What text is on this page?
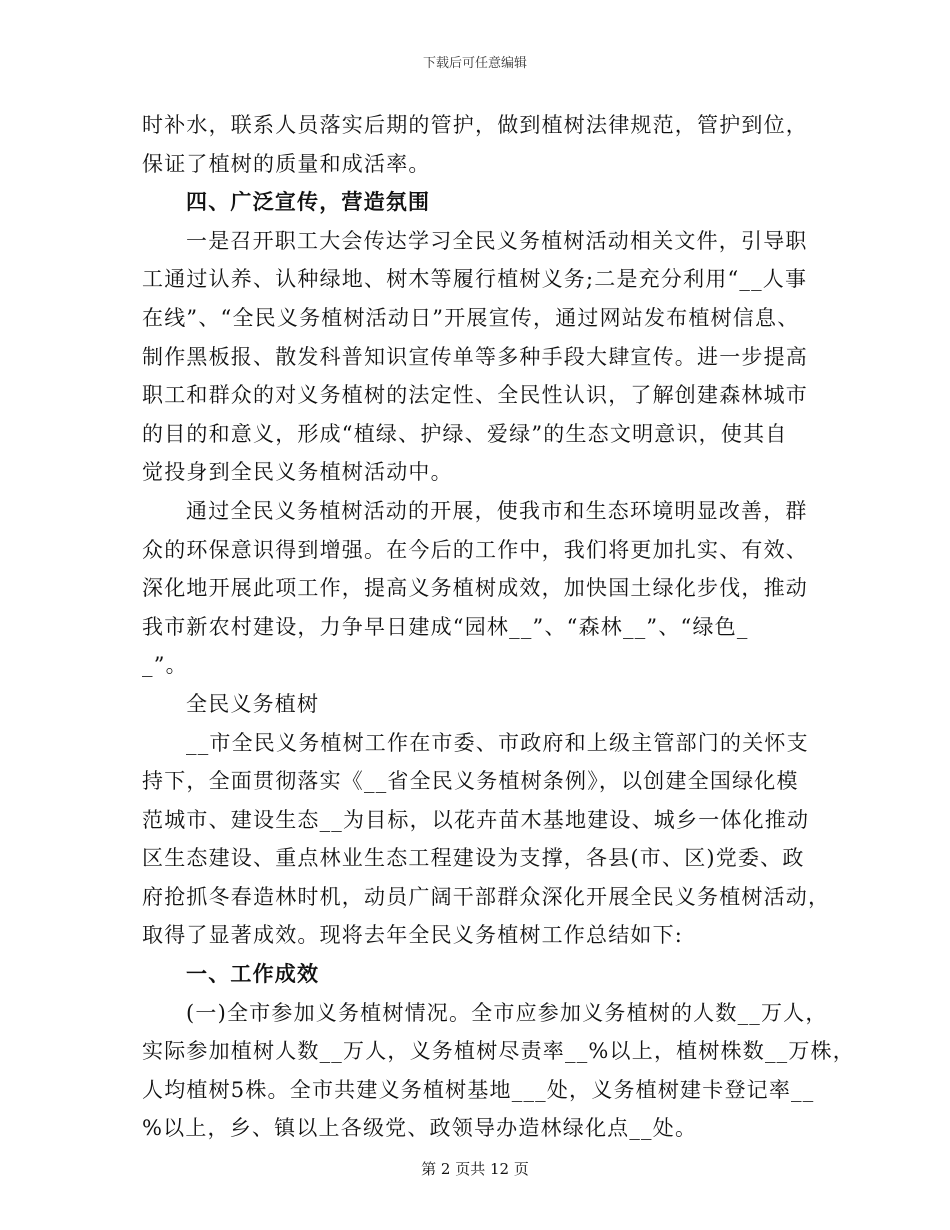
下载后可任意编辑
时补水，联系人员落实后期的管护，做到植树法律规范，管护到位，
保证了植树的质量和成活率。
四、广泛宣传，营造氛围
一是召开职工大会传达学习全民义务植树活动相关文件，引导职
工通过认养、认种绿地、树木等履行植树义务;二是充分利用“__人事
在线”、“全民义务植树活动日”开展宣传，通过网站发布植树信息、
制作黑板报、散发科普知识宣传单等多种手段大肆宣传。进一步提高
职工和群众的对义务植树的法定性、全民性认识，了解创建森林城市
的目的和意义，形成“植绿、护绿、爱绿”的生态文明意识，使其自
觉投身到全民义务植树活动中。
通过全民义务植树活动的开展，使我市和生态环境明显改善，群
众的环保意识得到增强。在今后的工作中，我们将更加扎实、有效、
深化地开展此项工作，提高义务植树成效，加快国土绿化步伐，推动
我市新农村建设，力争早日建成“园林__”、“森林__”、“绿色_
_”。
全民义务植树
__市全民义务植树工作在市委、市政府和上级主管部门的关怀支
持下，全面贯彻落实《__省全民义务植树条例》，以创建全国绿化模
范城市、建设生态__为目标，以花卉苗木基地建设、城乡一体化推动
区生态建设、重点林业生态工程建设为支撑，各县(市、区)党委、政
府抢抓冬春造林时机，动员广阔干部群众深化开展全民义务植树活动，
取得了显著成效。现将去年全民义务植树工作总结如下:
一、工作成效
(一)全市参加义务植树情况。全市应参加义务植树的人数__万人，
实际参加植树人数__万人，义务植树尽责率__%以上，植树株数__万株，
人均植树5株。全市共建义务植树基地___处，义务植树建卡登记率__
%以上，乡、镇以上各级党、政领导办造林绿化点__处。
第 2 页共 12 页
